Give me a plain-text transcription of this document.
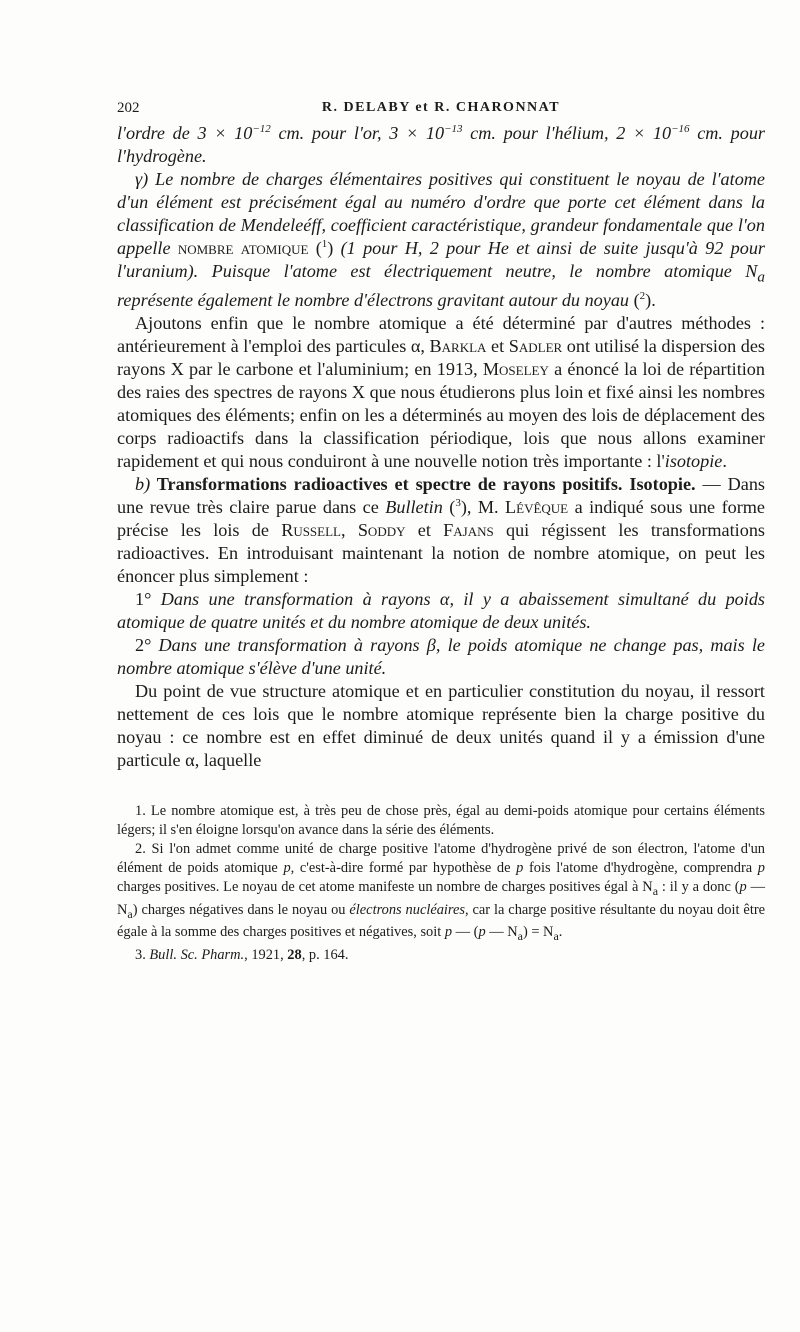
202	R. DELABY et R. CHARONNAT

l'ordre de $3 \times 10^{-12}$ cm. pour l'or, $3 \times 10^{-13}$ cm. pour l'hélium, $2 \times 10^{-16}$ cm. pour l'hydrogène.

γ) Le nombre de charges élémentaires positives qui constituent le noyau de l'atome d'un élément est précisément égal au numéro d'ordre que porte cet élément dans la classification de Mendeleéff, coefficient caractéristique, grandeur fondamentale que l'on appelle nombre atomique ($^1$) (1 pour H, 2 pour He et ainsi de suite jusqu'à 92 pour l'uranium). Puisque l'atome est électriquement neutre, le nombre atomique $N_a$ représente également le nombre d'électrons gravitant autour du noyau ($^2$).

Ajoutons enfin que le nombre atomique a été déterminé par d'autres méthodes : antérieurement à l'emploi des particules α, Barkla et Sadler ont utilisé la dispersion des rayons X par le carbone et l'aluminium; en 1913, Moseley a énoncé la loi de répartition des raies des spectres de rayons X que nous étudierons plus loin et fixé ainsi les nombres atomiques des éléments; enfin on les a déterminés au moyen des lois de déplacement des corps radioactifs dans la classification périodique, lois que nous allons examiner rapidement et qui nous conduiront à une nouvelle notion très importante : l'isotopie.

b) Transformations radioactives et spectre de rayons positifs. Isotopie. — Dans une revue très claire parue dans ce Bulletin ($^3$), M. Lévêque a indiqué sous une forme précise les lois de Russell, Soddy et Fajans qui régissent les transformations radioactives. En introduisant maintenant la notion de nombre atomique, on peut les énoncer plus simplement :

1° Dans une transformation à rayons α, il y a abaissement simultané du poids atomique de quatre unités et du nombre atomique de deux unités.

2° Dans une transformation à rayons β, le poids atomique ne change pas, mais le nombre atomique s'élève d'une unité.

Du point de vue structure atomique et en particulier constitution du noyau, il ressort nettement de ces lois que le nombre atomique représente bien la charge positive du noyau : ce nombre est en effet diminué de deux unités quand il y a émission d'une particule α, laquelle

1. Le nombre atomique est, à très peu de chose près, égal au demi-poids atomique pour certains éléments légers; il s'en éloigne lorsqu'on avance dans la série des éléments.

2. Si l'on admet comme unité de charge positive l'atome d'hydrogène privé de son électron, l'atome d'un élément de poids atomique p, c'est-à-dire formé par hypothèse de p fois l'atome d'hydrogène, comprendra p charges positives. Le noyau de cet atome manifeste un nombre de charges positives égal à $N_a$ : il y a donc (p — $N_a$) charges négatives dans le noyau ou électrons nucléaires, car la charge positive résultante du noyau doit être égale à la somme des charges positives et négatives, soit p — (p — $N_a) = N_a$.

3. Bull. Sc. Pharm., 1921, 28, p. 164.
